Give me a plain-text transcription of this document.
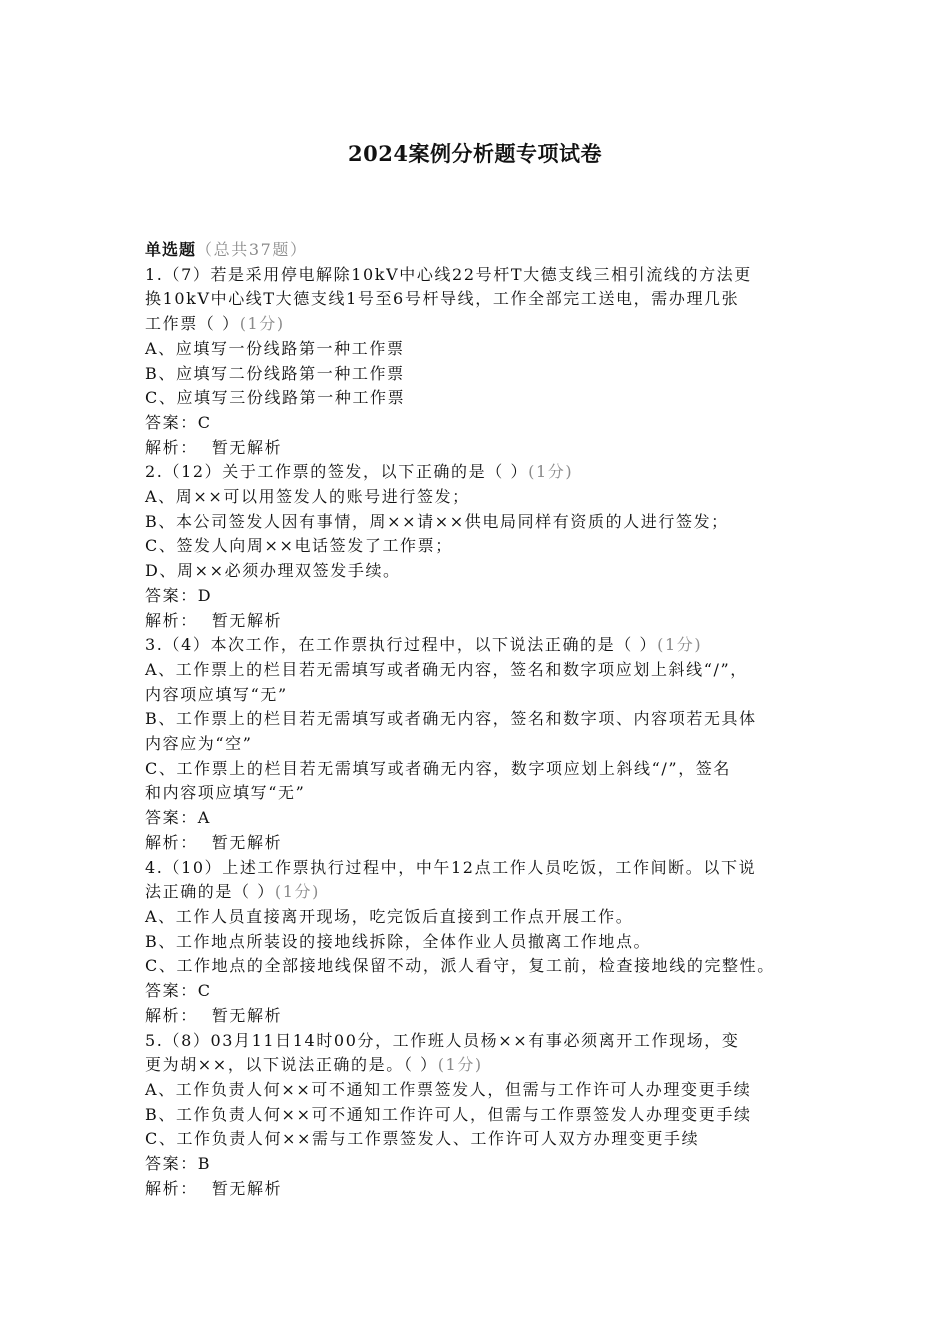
2024案例分析题专项试卷
单选题（总共37题）
1.（7）若是采用停电解除10kV中心线22号杆T大德支线三相引流线的方法更
换10kV中心线T大德支线1号至6号杆导线，工作全部完工送电，需办理几张
工作票（ ）(1分)
A、应填写一份线路第一种工作票
B、应填写二份线路第一种工作票
C、应填写三份线路第一种工作票
答案：C
解析： 暂无解析
2.（12）关于工作票的签发，以下正确的是（ ）(1分)
A、周××可以用签发人的账号进行签发；
B、本公司签发人因有事情，周××请××供电局同样有资质的人进行签发；
C、签发人向周××电话签发了工作票；
D、周××必须办理双签发手续。
答案：D
解析： 暂无解析
3.（4）本次工作，在工作票执行过程中，以下说法正确的是（ ）(1分)
A、工作票上的栏目若无需填写或者确无内容，签名和数字项应划上斜线“/”，
内容项应填写“无”
B、工作票上的栏目若无需填写或者确无内容，签名和数字项、内容项若无具体
内容应为“空”
C、工作票上的栏目若无需填写或者确无内容，数字项应划上斜线“/”，签名
和内容项应填写“无”
答案：A
解析： 暂无解析
4.（10）上述工作票执行过程中，中午12点工作人员吃饭，工作间断。以下说
法正确的是（ ）(1分)
A、工作人员直接离开现场，吃完饭后直接到工作点开展工作。
B、工作地点所装设的接地线拆除，全体作业人员撤离工作地点。
C、工作地点的全部接地线保留不动，派人看守，复工前，检查接地线的完整性。
答案：C
解析： 暂无解析
5.（8）03月11日14时00分，工作班人员杨××有事必须离开工作现场，变
更为胡××，以下说法正确的是。（ ）(1分)
A、工作负责人何××可不通知工作票签发人，但需与工作许可人办理变更手续
B、工作负责人何××可不通知工作许可人，但需与工作票签发人办理变更手续
C、工作负责人何××需与工作票签发人、工作许可人双方办理变更手续
答案：B
解析： 暂无解析
